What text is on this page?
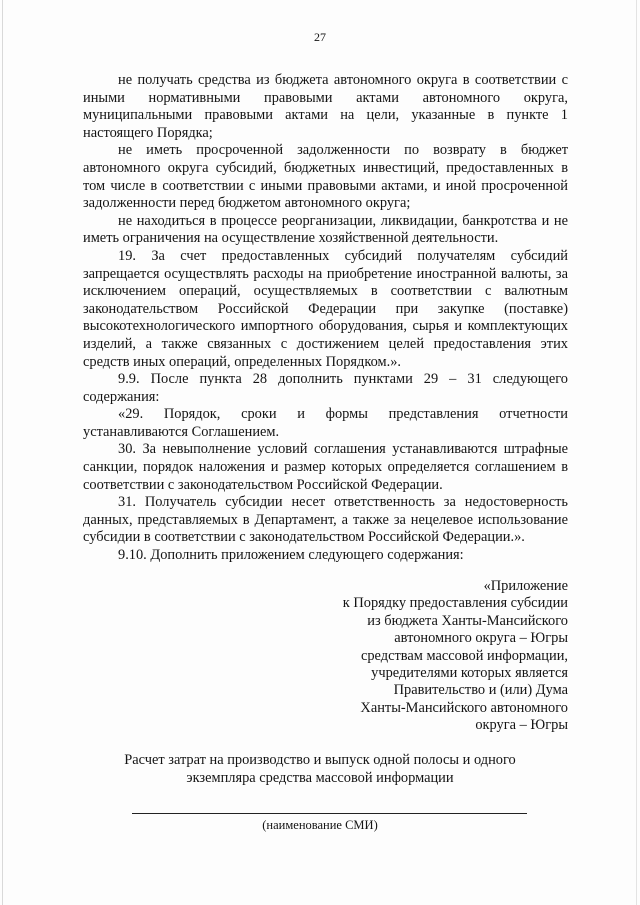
27

не получать средства из бюджета автономного округа в соответствии с иными нормативными правовыми актами автономного округа, муниципальными правовыми актами на цели, указанные в пункте 1 настоящего Порядка;

не иметь просроченной задолженности по возврату в бюджет автономного округа субсидий, бюджетных инвестиций, предоставленных в том числе в соответствии с иными правовыми актами, и иной просроченной задолженности перед бюджетом автономного округа;

не находиться в процессе реорганизации, ликвидации, банкротства и не иметь ограничения на осуществление хозяйственной деятельности.

19. За счет предоставленных субсидий получателям субсидий запрещается осуществлять расходы на приобретение иностранной валюты, за исключением операций, осуществляемых в соответствии с валютным законодательством Российской Федерации при закупке (поставке) высокотехнологического импортного оборудования, сырья и комплектующих изделий, а также связанных с достижением целей предоставления этих средств иных операций, определенных Порядком.».

9.9. После пункта 28 дополнить пунктами 29 – 31 следующего содержания:

«29. Порядок, сроки и формы представления отчетности устанавливаются Соглашением.

30. За невыполнение условий соглашения устанавливаются штрафные санкции, порядок наложения и размер которых определяется соглашением в соответствии с законодательством Российской Федерации.

31. Получатель субсидии несет ответственность за недостоверность данных, представляемых в Департамент, а также за нецелевое использование субсидии в соответствии с законодательством Российской Федерации.».

9.10. Дополнить приложением следующего содержания:

«Приложение
к Порядку предоставления субсидии
из бюджета Ханты-Мансийского
автономного округа – Югры
средствам массовой информации,
учредителями которых является
Правительство и (или) Дума
Ханты-Мансийского автономного
округа – Югры
Расчет затрат на производство и выпуск одной полосы и одного
экземпляра средства массовой информации
(наименование СМИ)
